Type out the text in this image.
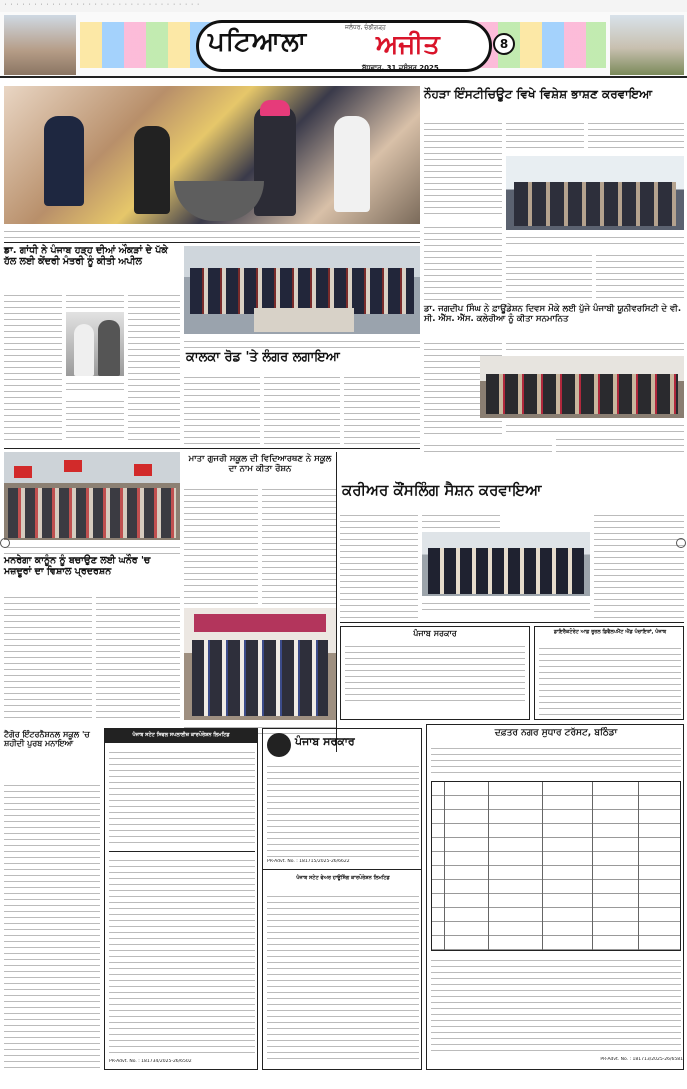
· · · · · · · · · · · · · · · · · · · · · · · · · · · · · · · · ·
ਪਟਿਆਲਾ	ਜਲੰਧਰ, ਚੰਡੀਗੜ੍ਹ
ਅਜੀਤ
ਬੁੱਧਵਾਰ, 31 ਦਸੰਬਰ 2025
8
ਨੌਹੜਾ ਇੰਸਟੀਚਿਊਟ ਵਿਖੇ ਵਿਸ਼ੇਸ਼ ਭਾਸ਼ਣ ਕਰਵਾਇਆ
ਡਾ. ਗਾਂਧੀ ਨੇ ਪੰਜਾਬ ਹੜ੍ਹ ਦੀਆਂ ਔਕੜਾਂ ਦੇ ਪੱਕੇ ਹੱਲ ਲਈ ਕੇਂਦਰੀ ਮੰਤਰੀ ਨੂੰ ਕੀਤੀ ਅਪੀਲ
ਕਾਲਕਾ ਰੋਡ 'ਤੇ ਲੰਗਰ ਲਗਾਇਆ
ਡਾ. ਜਗਦੀਪ ਸਿੰਘ ਨੇ ਫ਼ਾਊਂਡੇਸ਼ਨ ਦਿਵਸ ਮੌਕੇ ਲਈ ਪੁੱਜੇ ਪੰਜਾਬੀ ਯੂਨੀਵਰਸਿਟੀ ਦੇ ਵੀ. ਸੀ. ਐੱਸ. ਐੱਸ. ਕਲੇਰੀਆ ਨੂੰ ਕੀਤਾ ਸਨਮਾਨਿਤ
ਮਨਰੇਗਾ ਕਾਨੂੰਨ ਨੂੰ ਬਚਾਉਣ ਲਈ ਘਨੌਰ 'ਚ ਮਜ਼ਦੂਰਾਂ ਦਾ ਵਿਸ਼ਾਲ ਪ੍ਰਦਰਸ਼ਨ
ਮਾਤਾ ਗੁਜਰੀ ਸਕੂਲ ਦੀ ਵਿਦਿਆਰਥਣ ਨੇ ਸਕੂਲ ਦਾ ਨਾਮ ਕੀਤਾ ਰੌਸ਼ਨ
ਕਰੀਅਰ ਕੌਂਸਲਿੰਗ ਸੈਸ਼ਨ ਕਰਵਾਇਆ
ਪੰਜਾਬ ਸਰਕਾਰ	ਡਾਇਰੈਕਟੋਰੇਟ ਆਫ਼ ਰੂਰਲ ਡਿਵੈਲਪਮੈਂਟ ਐਂਡ ਪੰਚਾਇਤਾਂ, ਪੰਜਾਬ
ਟੈਗੋਰ ਇੰਟਰਨੈਸ਼ਨਲ ਸਕੂਲ 'ਚ ਸ਼ਹੀਦੀ ਪੁਰਬ ਮਨਾਇਆ
ਪੰਜਾਬ ਸਟੇਟ ਸਿਵਲ ਸਪਲਾਈਜ਼ ਕਾਰਪੋਰੇਸ਼ਨ ਲਿਮਟਿਡ
PR-Advt. No. : 181734/2025-26/6502
ਪੰਜਾਬ ਸਰਕਾਰ
PR-Advt. No. : 181715/2025-26/6622
ਪੰਜਾਬ ਸਟੇਟ ਵੇਅਰ ਹਾਊਸਿੰਗ ਕਾਰਪੋਰੇਸ਼ਨ ਲਿਮਟਿਡ
ਦਫ਼ਤਰ ਨਗਰ ਸੁਧਾਰ ਟਰੱਸਟ, ਬਠਿੰਡਾ
PR-Advt. No. : 181713/2025-26/6581
